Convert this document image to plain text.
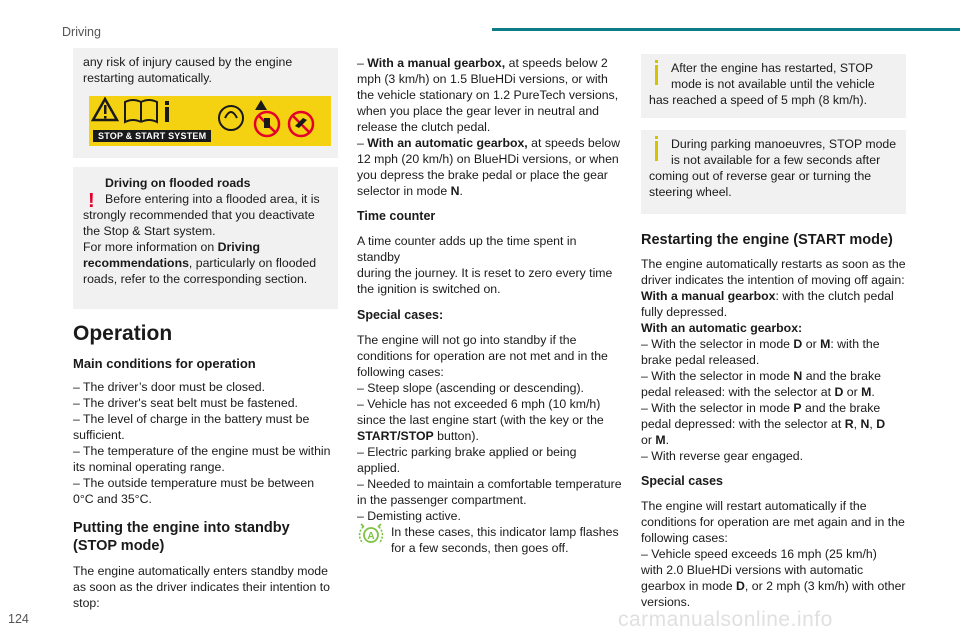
Driving

any risk of injury caused by the engine

restarting automatically.

STOP & START SYSTEM
!

Driving on flooded roads

Before entering into a flooded area, it is

strongly recommended that you deactivate

the Stop & Start system.

For more information on Driving

recommendations, particularly on flooded

roads, refer to the corresponding section.

Operation

Main conditions for operation

– The driver’s door must be closed.

– The driver's seat belt must be fastened.

– The level of charge in the battery must be

sufficient.

– The temperature of the engine must be within

its nominal operating range.

– The outside temperature must be between

0°C and 35°C.

Putting the engine into standby

(STOP mode)

The engine automatically enters standby mode

as soon as the driver indicates their intention to

stop:

– With a manual gearbox, at speeds below 2

mph (3 km/h) on 1.5 BlueHDi versions, or with

the vehicle stationary on 1.2 PureTech versions,

when you place the gear lever in neutral and

release the clutch pedal.

– With an automatic gearbox, at speeds below

12 mph (20 km/h) on BlueHDi versions, or when

you depress the brake pedal or place the gear

selector in mode N.

Time counter

A time counter adds up the time spent in standby

during the journey. It is reset to zero every time

the ignition is switched on.

Special cases:

The engine will not go into standby if the

conditions for operation are not met and in the

following cases:

– Steep slope (ascending or descending).

– Vehicle has not exceeded 6 mph (10 km/h)

since the last engine start (with the key or the

START/STOP button).

– Electric parking brake applied or being

applied.

– Needed to maintain a comfortable temperature

in the passenger compartment.

– Demisting active.

In these cases, this indicator lamp flashes

for a few seconds, then goes off.

A

After the engine has restarted, STOP

mode is not available until the vehicle

has reached a speed of 5 mph (8 km/h).

During parking manoeuvres, STOP mode

is not available for a few seconds after

coming out of reverse gear or turning the

steering wheel.

Restarting the engine (START mode)

The engine automatically restarts as soon as the

driver indicates the intention of moving off again:

With a manual gearbox: with the clutch pedal

fully depressed.

With an automatic gearbox:

– With the selector in mode D or M: with the

brake pedal released.

– With the selector in mode N and the brake

pedal released: with the selector at D or M.

– With the selector in mode P and the brake

pedal depressed: with the selector at R, N, D

or M.

– With reverse gear engaged.

Special cases

The engine will restart automatically if the

conditions for operation are met again and in the

following cases:

– Vehicle speed exceeds 16 mph (25 km/h)

with 2.0 BlueHDi versions with automatic

gearbox in mode D, or 2 mph (3 km/h) with other

versions.

124	carmanualsonline.info
